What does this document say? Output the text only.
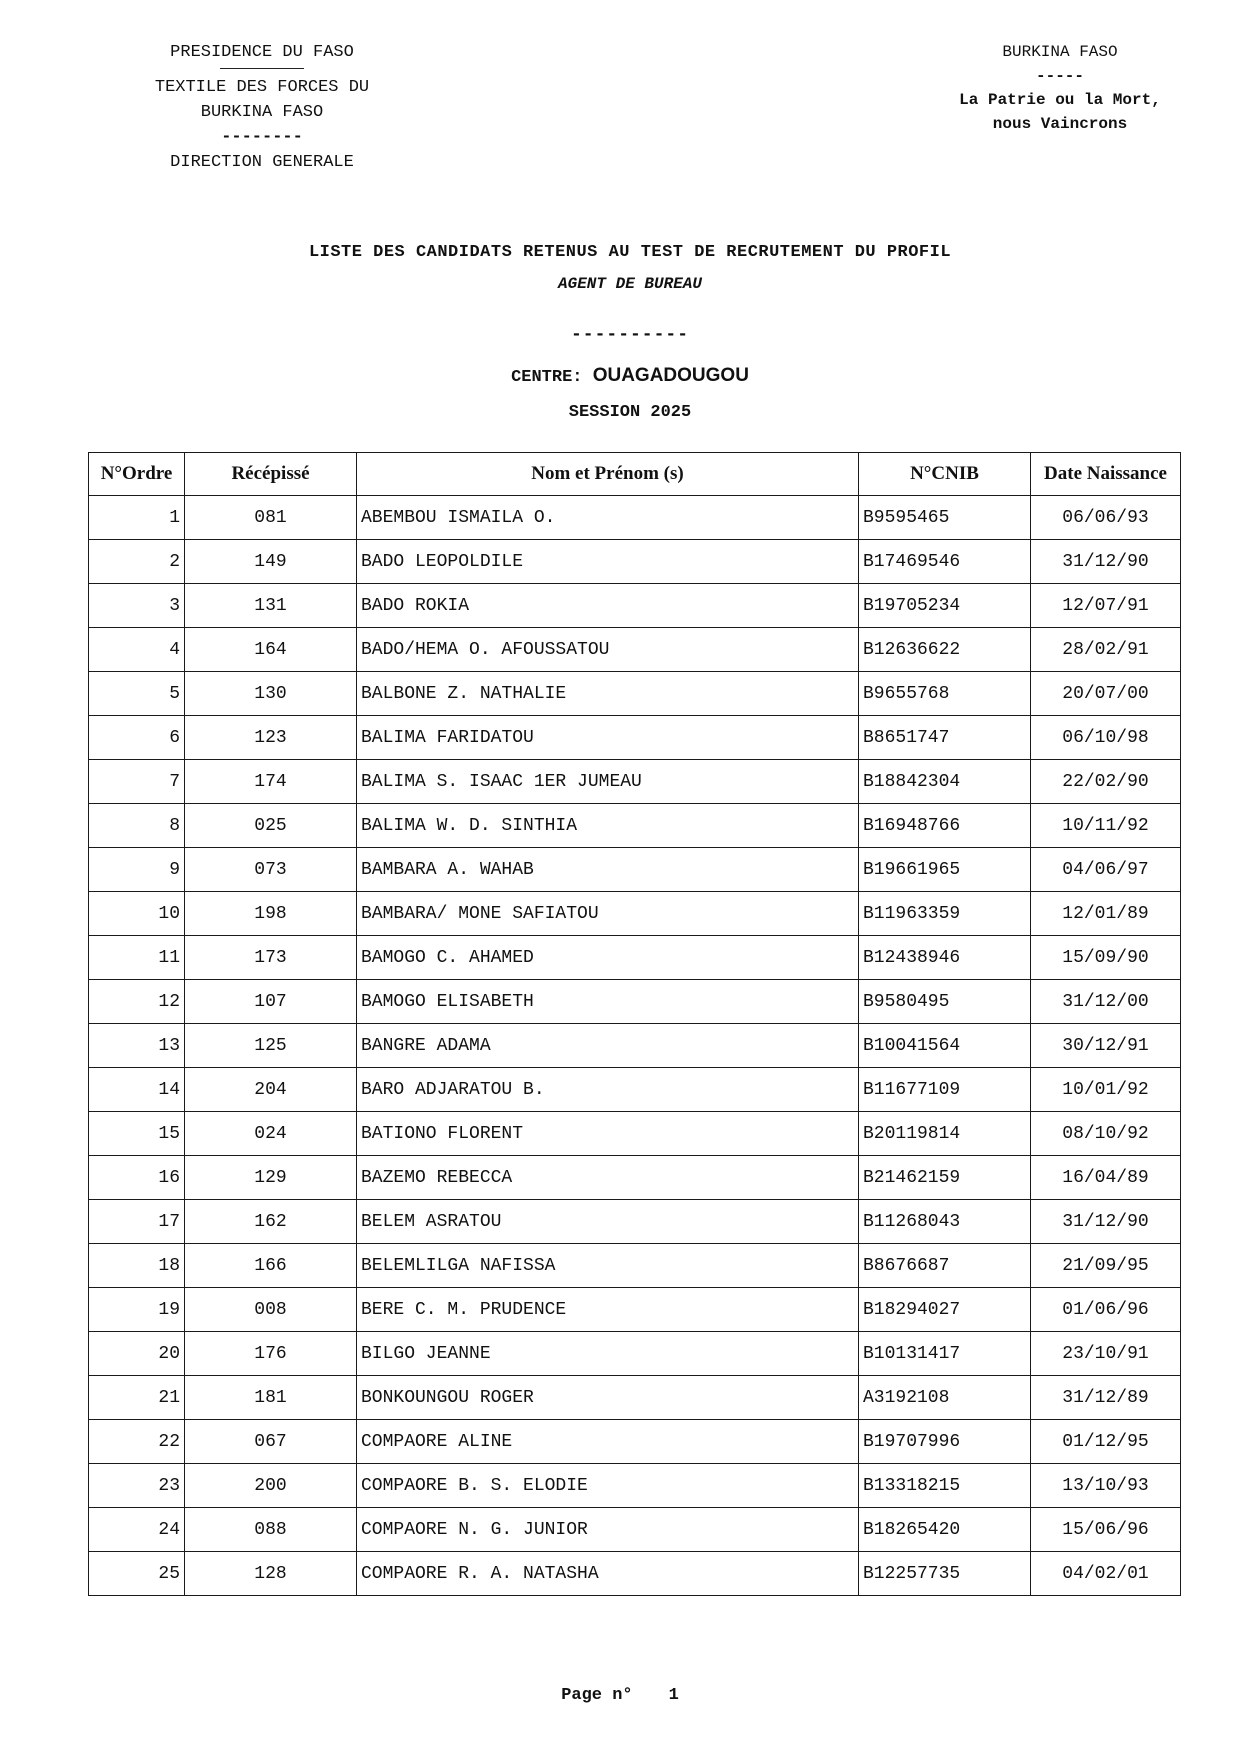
PRESIDENCE DU FASO
TEXTILE DES FORCES DU
BURKINA FASO
--------
DIRECTION GENERALE
BURKINA FASO
-----
La Patrie ou la Mort,
nous Vaincrons
LISTE DES CANDIDATS RETENUS AU TEST DE RECRUTEMENT DU PROFIL
AGENT DE BUREAU
----------
CENTRE: OUAGADOUGOU
SESSION 2025
N°Ordre	Récépissé	Nom et Prénom (s)	N°CNIB	Date Naissance
1	081	ABEMBOU ISMAILA O.	B9595465	06/06/93
2	149	BADO LEOPOLDILE	B17469546	31/12/90
3	131	BADO ROKIA	B19705234	12/07/91
4	164	BADO/HEMA O. AFOUSSATOU	B12636622	28/02/91
5	130	BALBONE Z. NATHALIE	B9655768	20/07/00
6	123	BALIMA FARIDATOU	B8651747	06/10/98
7	174	BALIMA S. ISAAC 1ER JUMEAU	B18842304	22/02/90
8	025	BALIMA W. D. SINTHIA	B16948766	10/11/92
9	073	BAMBARA A. WAHAB	B19661965	04/06/97
10	198	BAMBARA/ MONE SAFIATOU	B11963359	12/01/89
11	173	BAMOGO C. AHAMED	B12438946	15/09/90
12	107	BAMOGO ELISABETH	B9580495	31/12/00
13	125	BANGRE ADAMA	B10041564	30/12/91
14	204	BARO ADJARATOU B.	B11677109	10/01/92
15	024	BATIONO FLORENT	B20119814	08/10/92
16	129	BAZEMO REBECCA	B21462159	16/04/89
17	162	BELEM ASRATOU	B11268043	31/12/90
18	166	BELEMLILGA NAFISSA	B8676687	21/09/95
19	008	BERE C. M. PRUDENCE	B18294027	01/06/96
20	176	BILGO JEANNE	B10131417	23/10/91
21	181	BONKOUNGOU ROGER	A3192108	31/12/89
22	067	COMPAORE ALINE	B19707996	01/12/95
23	200	COMPAORE B. S. ELODIE	B13318215	13/10/93
24	088	COMPAORE N. G. JUNIOR	B18265420	15/06/96
25	128	COMPAORE R. A. NATASHA	B12257735	04/02/01
Page n° 1
